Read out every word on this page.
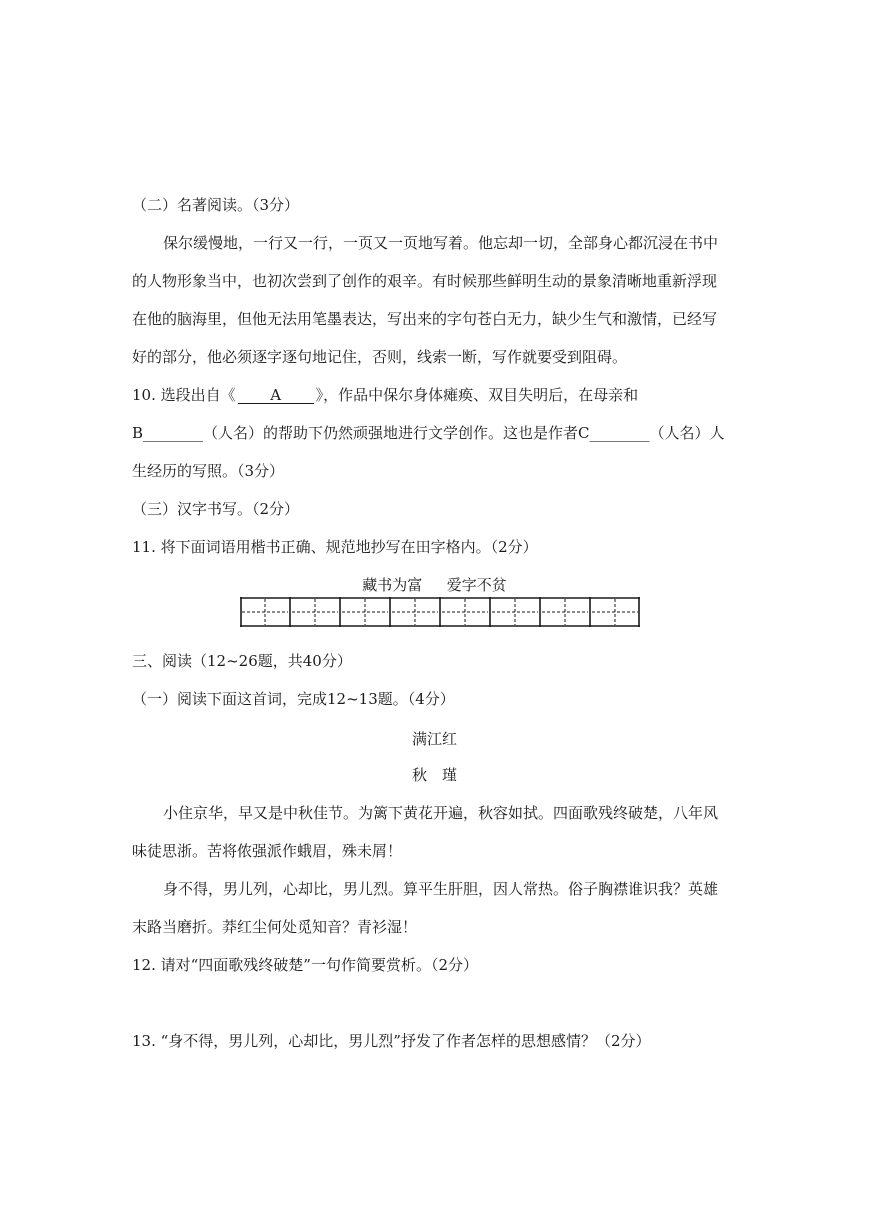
（二）名著阅读。（3分）
保尔缓慢地，一行又一行，一页又一页地写着。他忘却一切，全部身心都沉浸在书中
的人物形象当中，也初次尝到了创作的艰辛。有时候那些鲜明生动的景象清晰地重新浮现
在他的脑海里，但他无法用笔墨表达，写出来的字句苍白无力，缺少生气和激情，已经写
好的部分，他必须逐字逐句地记住，否则，线索一断，写作就要受到阻碍。
10. 选段出自《 A 》，作品中保尔身体瘫痪、双目失明后，在母亲和
B________（人名）的帮助下仍然顽强地进行文学创作。这也是作者C________（人名）人
生经历的写照。（3分）
（三）汉字书写。（2分）
11. 将下面词语用楷书正确、规范地抄写在田字格内。（2分）
藏书为富 　 爱字不贫
三、阅读（12~26题，共40分）
（一）阅读下面这首词，完成12~13题。（4分）
满江红
秋　瑾
小住京华，早又是中秋佳节。为篱下黄花开遍，秋容如拭。四面歌残终破楚，八年风
味徒思浙。苦将侬强派作蛾眉，殊未屑！
身不得，男儿列，心却比，男儿烈。算平生肝胆，因人常热。俗子胸襟谁识我？英雄
末路当磨折。莽红尘何处觅知音？青衫湿！
12. 请对“四面歌残终破楚”一句作简要赏析。（2分）
13. “身不得，男儿列，心却比，男儿烈”抒发了作者怎样的思想感情？（2分）
